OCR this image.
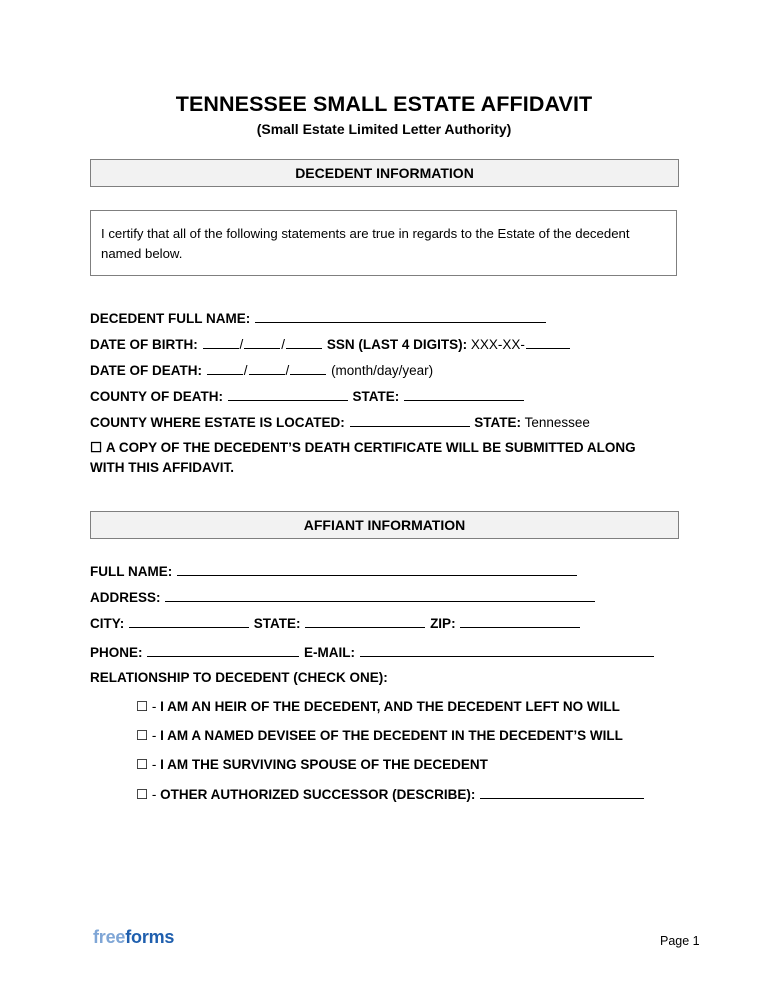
TENNESSEE SMALL ESTATE AFFIDAVIT
(Small Estate Limited Letter Authority)
DECEDENT INFORMATION
I certify that all of the following statements are true in regards to the Estate of the decedent named below.
DECEDENT FULL NAME:
DATE OF BIRTH:	/	/	SSN (LAST 4 DIGITS): XXX-XX-
DATE OF DEATH:	/	/	(month/day/year)
COUNTY OF DEATH:	STATE:
COUNTY WHERE ESTATE IS LOCATED:	STATE: Tennessee
☐ A COPY OF THE DECEDENT’S DEATH CERTIFICATE WILL BE SUBMITTED ALONG
WITH THIS AFFIDAVIT.
AFFIANT INFORMATION
FULL NAME:
ADDRESS:
CITY:	STATE:	ZIP:
PHONE:	E-MAIL:
RELATIONSHIP TO DECEDENT (CHECK ONE):
☐ - I AM AN HEIR OF THE DECEDENT, AND THE DECEDENT LEFT NO WILL
☐ - I AM A NAMED DEVISEE OF THE DECEDENT IN THE DECEDENT’S WILL
☐ - I AM THE SURVIVING SPOUSE OF THE DECEDENT
☐ - OTHER AUTHORIZED SUCCESSOR (DESCRIBE):
freeforms	Page 1
